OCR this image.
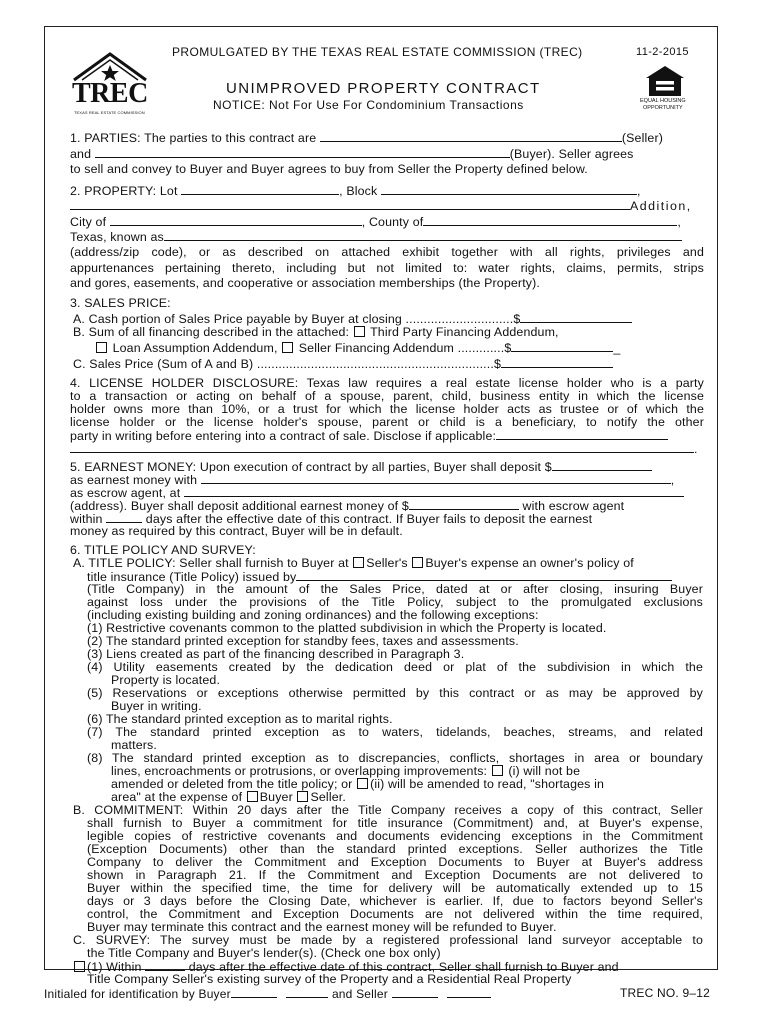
PROMULGATED BY THE TEXAS REAL ESTATE COMMISSION (TREC)	11-2-2015
TREC
TEXAS REAL ESTATE COMMISSION
UNIMPROVED PROPERTY CONTRACT
NOTICE: Not For Use For Condominium Transactions	EQUAL HOUSING
OPPORTUNITY
1. PARTIES: The parties to this contract are	(Seller)
and	(Buyer). Seller agrees
to sell and convey to Buyer and Buyer agrees to buy from Seller the Property defined below.
2. PROPERTY: Lot	, Block	,
Addition,
City of	, County of	,
Texas, known as
(address/zip code), or as described on attached exhibit together with all rights, privileges and
appurtenances pertaining thereto, including but not limited to: water rights, claims, permits, strips
and gores, easements, and cooperative or association memberships (the Property).
3. SALES PRICE:
A. Cash portion of Sales Price payable by Buyer at closing ..............................$
B. Sum of all financing described in the attached: Third Party Financing Addendum,
Loan Assumption Addendum, Seller Financing Addendum .............$	_
C. Sales Price (Sum of A and B) ..................................................................$
4. LICENSE HOLDER DISCLOSURE: Texas law requires a real estate license holder who is a party
to a transaction or acting on behalf of a spouse, parent, child, business entity in which the license
holder owns more than 10%, or a trust for which the license holder acts as trustee or of which the
license holder or the license holder's spouse, parent or child is a beneficiary, to notify the other
party in writing before entering into a contract of sale. Disclose if applicable:
.
5. EARNEST MONEY: Upon execution of contract by all parties, Buyer shall deposit $
as earnest money with	,
as escrow agent, at
(address). Buyer shall deposit additional earnest money of $	with escrow agent
within	days after the effective date of this contract. If Buyer fails to deposit the earnest
money as required by this contract, Buyer will be in default.
6. TITLE POLICY AND SURVEY:
A. TITLE POLICY: Seller shall furnish to Buyer at Seller's Buyer's expense an owner's policy of
title insurance (Title Policy) issued by
(Title Company) in the amount of the Sales Price, dated at or after closing, insuring Buyer
against loss under the provisions of the Title Policy, subject to the promulgated exclusions
(including existing building and zoning ordinances) and the following exceptions:
(1) Restrictive covenants common to the platted subdivision in which the Property is located.
(2) The standard printed exception for standby fees, taxes and assessments.
(3) Liens created as part of the financing described in Paragraph 3.
(4) Utility easements created by the dedication deed or plat of the subdivision in which the
Property is located.
(5) Reservations or exceptions otherwise permitted by this contract or as may be approved by
Buyer in writing.
(6) The standard printed exception as to marital rights.
(7) The standard printed exception as to waters, tidelands, beaches, streams, and related
matters.
(8) The standard printed exception as to discrepancies, conflicts, shortages in area or boundary
lines, encroachments or protrusions, or overlapping improvements: (i) will not be
amended or deleted from the title policy; or (ii) will be amended to read, "shortages in
area" at the expense of Buyer Seller.
B. COMMITMENT: Within 20 days after the Title Company receives a copy of this contract, Seller
shall furnish to Buyer a commitment for title insurance (Commitment) and, at Buyer's expense,
legible copies of restrictive covenants and documents evidencing exceptions in the Commitment
(Exception Documents) other than the standard printed exceptions. Seller authorizes the Title
Company to deliver the Commitment and Exception Documents to Buyer at Buyer's address
shown in Paragraph 21. If the Commitment and Exception Documents are not delivered to
Buyer within the specified time, the time for delivery will be automatically extended up to 15
days or 3 days before the Closing Date, whichever is earlier. If, due to factors beyond Seller's
control, the Commitment and Exception Documents are not delivered within the time required,
Buyer may terminate this contract and the earnest money will be refunded to Buyer.
C. SURVEY: The survey must be made by a registered professional land surveyor acceptable to
the Title Company and Buyer's lender(s). (Check one box only)
(1) Within	days after the effective date of this contract, Seller shall furnish to Buyer and
Initialed for identification by Buyer	and Seller	TREC NO. 9–12
Title Company Seller's existing survey of the Property and a Residential Real Property
